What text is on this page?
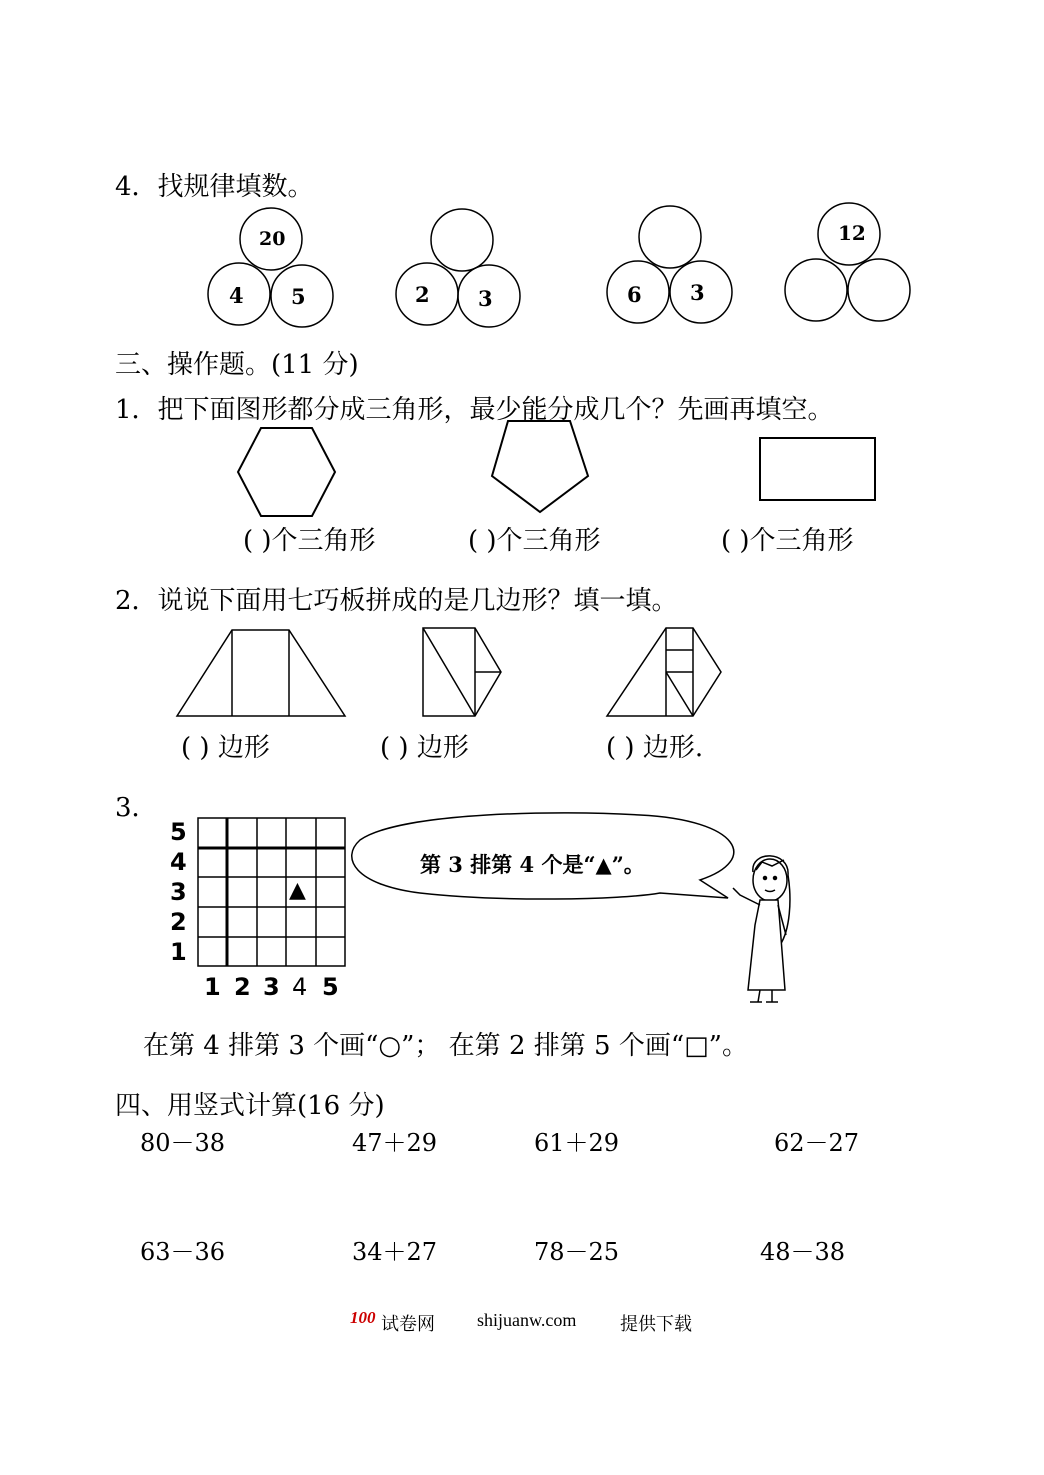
4．找规律填数。
20
4 5	2 3	6 3
12
三、操作题。(11 分)
1．把下面图形都分成三角形，最少能分成几个？先画再填空。
( )个三角形	( )个三角形	( )个三角形
2．说说下面用七巧板拼成的是几边形？填一填。
( ) 边形	( ) 边形	( ) 边形.
3．
5
4
3
2
1
1 2 3 4 5
▲
第 3 排第 4 个是“▲”。
在第 4 排第 3 个画“○”； 在第 2 排第 5 个画“□”。
四、用竖式计算(16 分)
80－38	47＋29	61＋29	62－27
63－36	34＋27	78－25	48－38
100 试卷网 shijuanw.com 提供下载
